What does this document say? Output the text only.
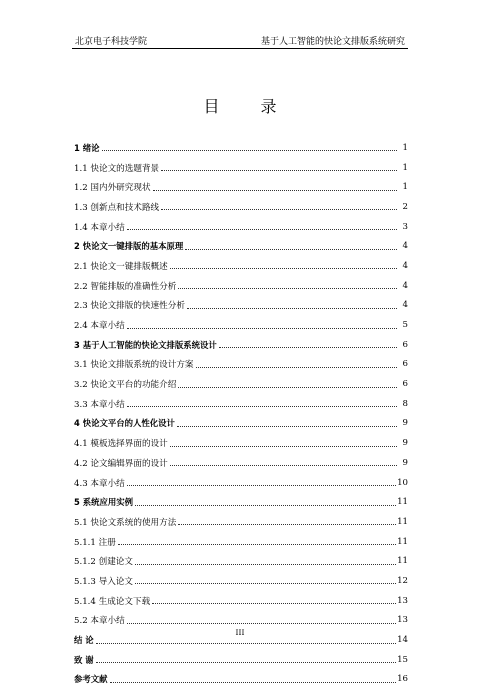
北京电子科技学院	基于人工智能的快论文排版系统研究
目 录
1 绪论	1
1.1 快论文的选题背景	1
1.2 国内外研究现状	1
1.3 创新点和技术路线	2
1.4 本章小结	3
2 快论文一键排版的基本原理	4
2.1 快论文一键排版概述	4
2.2 智能排版的准确性分析	4
2.3 快论文排版的快速性分析	4
2.4 本章小结	5
3 基于人工智能的快论文排版系统设计	6
3.1 快论文排版系统的设计方案	6
3.2 快论文平台的功能介绍	6
3.3 本章小结	8
4 快论文平台的人性化设计	9
4.1 模板选择界面的设计	9
4.2 论文编辑界面的设计	9
4.3 本章小结	10
5 系统应用实例	11
5.1 快论文系统的使用方法	11
5.1.1 注册	11
5.1.2 创建论文	11
5.1.3 导入论文	12
5.1.4 生成论文下载	13
5.2 本章小结	13
结 论	14
致 谢	15
参考文献	16
III
